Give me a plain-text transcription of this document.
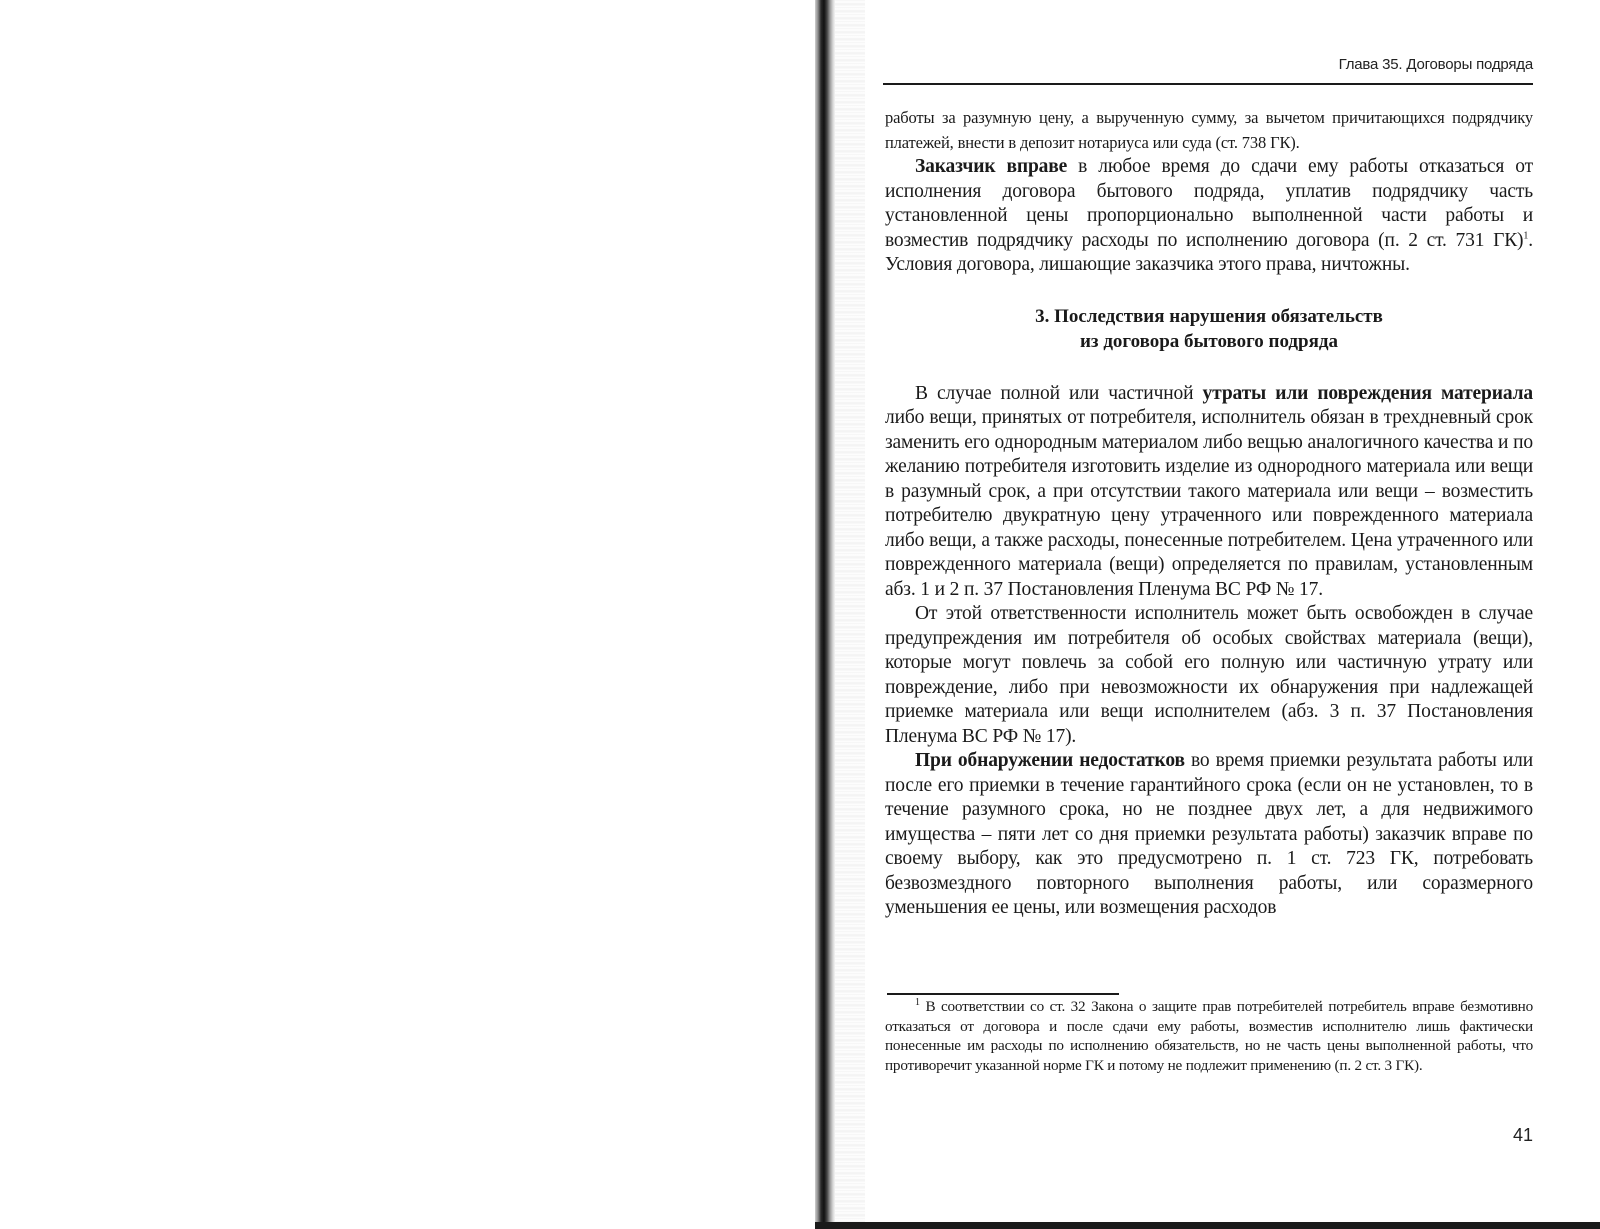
Глава 35. Договоры подряда

работы за разумную цену, а вырученную сумму, за вычетом причитающихся подрядчику платежей, внести в депозит нотариуса или суда (ст. 738 ГК).

Заказчик вправе в любое время до сдачи ему работы отказаться от исполнения договора бытового подряда, уплатив подрядчику часть установленной цены пропорционально выполненной части работы и возместив подрядчику расходы по исполнению договора (п. 2 ст. 731 ГК)$^1$. Условия договора, лишающие заказчика этого права, ничтожны.

3. Последствия нарушения обязательств
из договора бытового подряда

В случае полной или частичной утраты или повреждения материала либо вещи, принятых от потребителя, исполнитель обязан в трехдневный срок заменить его однородным материалом либо вещью аналогичного качества и по желанию потребителя изготовить изделие из однородного материала или вещи в разумный срок, а при отсутствии такого материала или вещи – возместить потребителю двукратную цену утраченного или поврежденного материала либо вещи, а также расходы, понесенные потребителем. Цена утраченного или поврежденного материала (вещи) определяется по правилам, установленным абз. 1 и 2 п. 37 Постановления Пленума ВС РФ № 17.

От этой ответственности исполнитель может быть освобожден в случае предупреждения им потребителя об особых свойствах материала (вещи), которые могут повлечь за собой его полную или частичную утрату или повреждение, либо при невозможности их обнаружения при надлежащей приемке материала или вещи исполнителем (абз. 3 п. 37 Постановления Пленума ВС РФ № 17).

При обнаружении недостатков во время приемки результата работы или после его приемки в течение гарантийного срока (если он не установлен, то в течение разумного срока, но не позднее двух лет, а для недвижимого имущества – пяти лет со дня приемки результата работы) заказчик вправе по своему выбору, как это предусмотрено п. 1 ст. 723 ГК, потребовать безвозмездного повторного выполнения работы, или соразмерного уменьшения ее цены, или возмещения расходов

$^1$ В соответствии со ст. 32 Закона о защите прав потребителей потребитель вправе безмотивно отказаться от договора и после сдачи ему работы, возместив исполнителю лишь фактически понесенные им расходы по исполнению обязательств, но не часть цены выполненной работы, что противоречит указанной норме ГК и потому не подлежит применению (п. 2 ст. 3 ГК).
41
